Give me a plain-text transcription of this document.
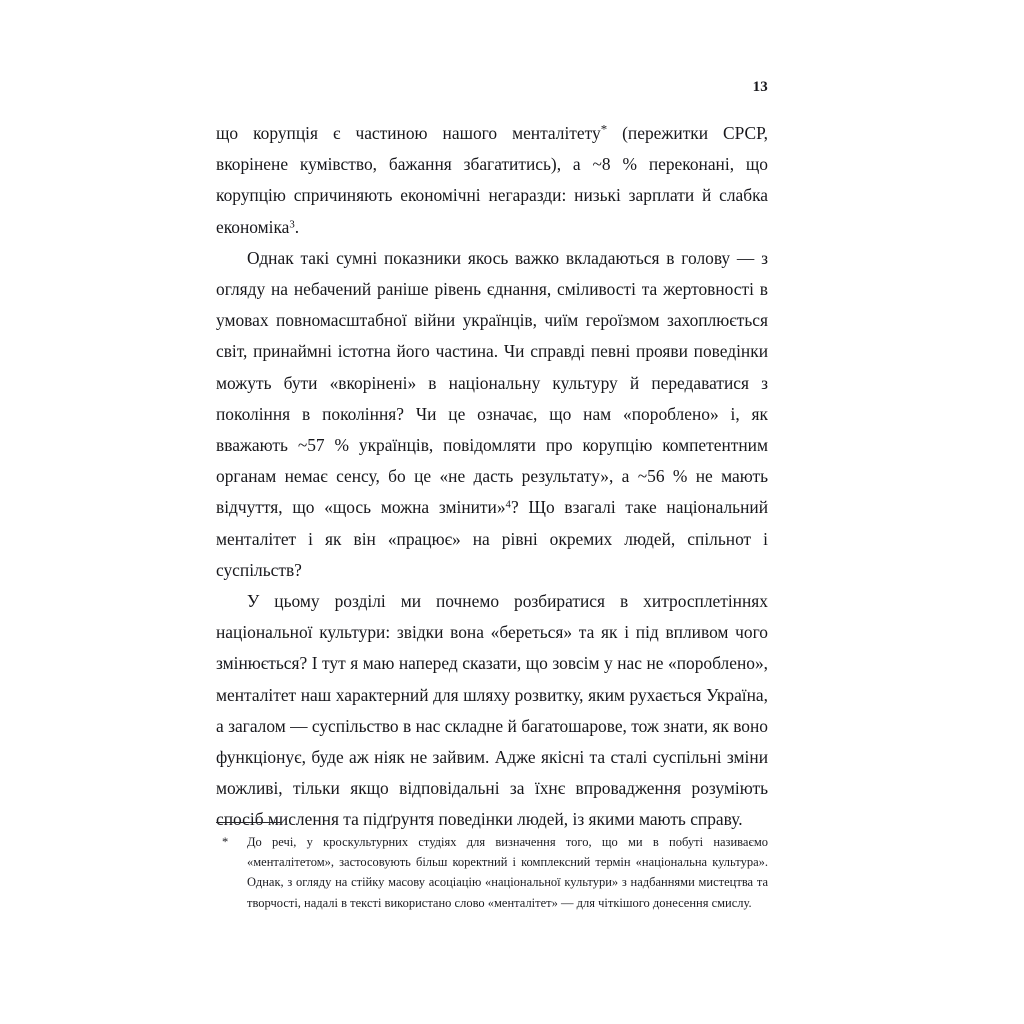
13

що корупція є частиною нашого менталітету* (пережитки СРСР, вкорінене кумівство, бажання збагатитись), а ~8 % переконані, що корупцію спричиняють економічні негаразди: низькі зарплати й слабка економіка$^3$.

Однак такі сумні показники якось важко вкладаються в голову — з огляду на небачений раніше рівень єднання, сміливості та жертовності в умовах повномасштабної війни українців, чиїм героїзмом захоплюється світ, принаймні істотна його частина. Чи справді певні прояви поведінки можуть бути «вкорінені» в національну культуру й передаватися з покоління в покоління? Чи це означає, що нам «пороблено» і, як вважають ~57 % українців, повідомляти про корупцію компетентним органам немає сенсу, бо це «не дасть результату», а ~56 % не мають відчуття, що «щось можна змінити»$^4$? Що взагалі таке національний менталітет і як він «працює» на рівні окремих людей, спільнот і суспільств?

У цьому розділі ми почнемо розбиратися в хитросплетіннях національної культури: звідки вона «береться» та як і під впливом чого змінюється? І тут я маю наперед сказати, що зовсім у нас не «пороблено», менталітет наш характерний для шляху розвитку, яким рухається Україна, а загалом — суспільство в нас складне й багатошарове, тож знати, як воно функціонує, буде аж ніяк не зайвим. Адже якісні та сталі суспільні зміни можливі, тільки якщо відповідальні за їхнє впровадження розуміють спосіб мислення та підґрунтя поведінки людей, із якими мають справу.

* До речі, у кроскультурних студіях для визначення того, що ми в побуті називаємо «менталітетом», застосовують більш коректний і комплексний термін «національна культура». Однак, з огляду на стійку масову асоціацію «національної культури» з надбаннями мистецтва та творчості, надалі в тексті використано слово «менталітет» — для чіткішого донесення смислу.
